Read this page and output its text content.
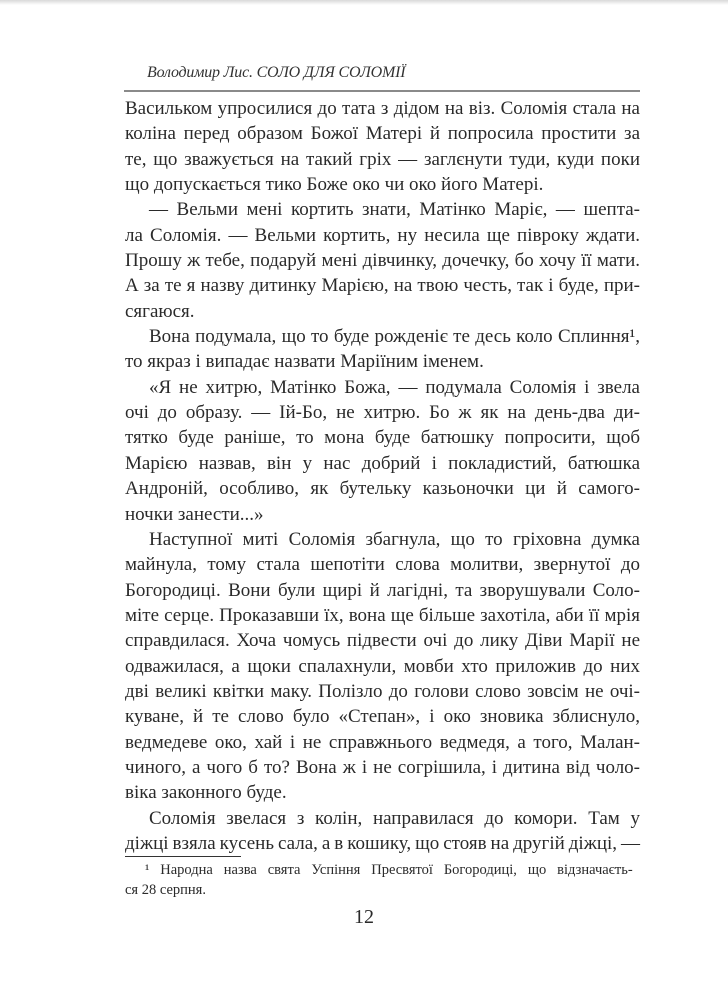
Володимир Лис. СОЛО ДЛЯ СОЛОМІЇ
Васильком упросилися до тата з дідом на віз. Соломія стала на
коліна перед образом Божої Матері й попросила простити за
те, що зважується на такий гріх — заглєнути туди, куди поки
що допускається тико Боже око чи око його Матері.
— Вельми мені кортить знати, Матінко Маріє, — шепта-
ла Соломія. — Вельми кортить, ну несила ще півроку ждати.
Прошу ж тебе, подаруй мені дівчинку, дочечку, бо хочу її мати.
А за те я назву дитинку Марією, на твою честь, так і буде, при-
сягаюся.
Вона подумала, що то буде рожденіє те десь коло Сплиння¹,
то якраз і випадає назвати Маріїним іменем.
«Я не хитрю, Матінко Божа, — подумала Соломія і звела
очі до образу. — Ій-Бо, не хитрю. Бо ж як на день-два ди-
тятко буде раніше, то мона буде батюшку попросити, щоб
Марією назвав, він у нас добрий і покладистий, батюшка
Андроній, особливо, як бутельку казьоночки ци й самого-
ночки занести...»
Наступної миті Соломія збагнула, що то гріховна думка
майнула, тому стала шепотіти слова молитви, звернутої до
Богородиці. Вони були щирі й лагідні, та зворушували Соло-
міте серце. Проказавши їх, вона ще більше захотіла, аби її мрія
справдилася. Хоча чомусь підвести очі до лику Діви Марії не
одважилася, а щоки спалахнули, мовби хто приложив до них
дві великі квітки маку. Полізло до голови слово зовсім не очі-
куване, й те слово було «Степан», і око зновика зблиснуло,
ведмедеве око, хай і не справжнього ведмедя, а того, Малан-
чиного, а чого б то? Вона ж і не согрішила, і дитина від чоло-
віка законного буде.
Соломія звелася з колін, направилася до комори. Там у
діжці взяла кусень сала, а в кошику, що стояв на другій діжці, —
¹ Народна назва свята Успіння Пресвятої Богородиці, що відзначаєть-
ся 28 серпня.
12
